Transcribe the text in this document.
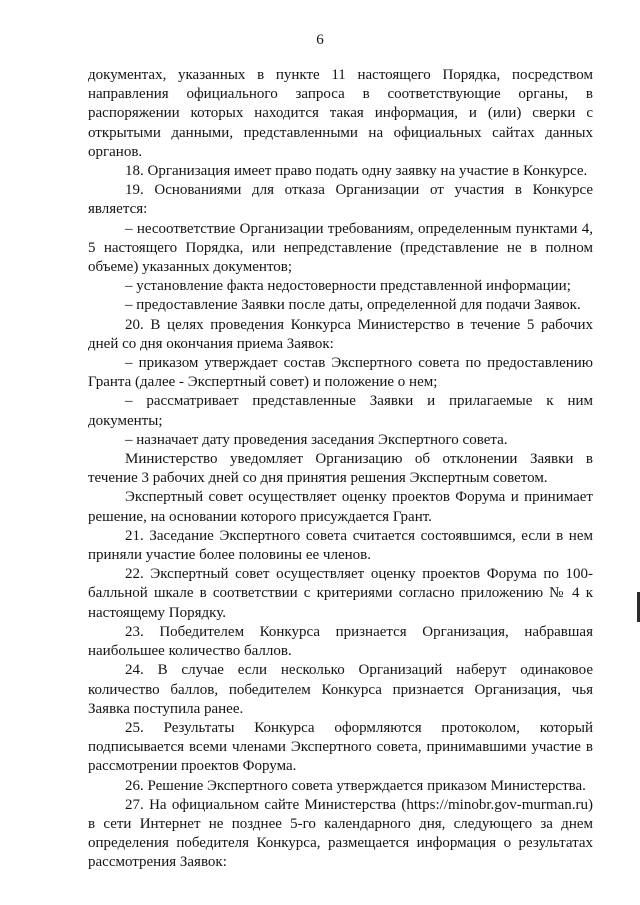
6

документах, указанных в пункте 11 настоящего Порядка, посредством направления официального запроса в соответствующие органы, в распоряжении которых находится такая информация, и (или) сверки с открытыми данными, представленными на официальных сайтах данных органов.

18. Организация имеет право подать одну заявку на участие в Конкурсе.

19. Основаниями для отказа Организации от участия в Конкурсе является:

– несоответствие Организации требованиям, определенным пунктами 4, 5 настоящего Порядка, или непредставление (представление не в полном объеме) указанных документов;

– установление факта недостоверности представленной информации;

– предоставление Заявки после даты, определенной для подачи Заявок.

20. В целях проведения Конкурса Министерство в течение 5 рабочих дней со дня окончания приема Заявок:

– приказом утверждает состав Экспертного совета по предоставлению Гранта (далее - Экспертный совет) и положение о нем;

– рассматривает представленные Заявки и прилагаемые к ним документы;

– назначает дату проведения заседания Экспертного совета.

Министерство уведомляет Организацию об отклонении Заявки в течение 3 рабочих дней со дня принятия решения Экспертным советом.

Экспертный совет осуществляет оценку проектов Форума и принимает решение, на основании которого присуждается Грант.

21. Заседание Экспертного совета считается состоявшимся, если в нем приняли участие более половины ее членов.

22. Экспертный совет осуществляет оценку проектов Форума по 100-балльной шкале в соответствии с критериями согласно приложению № 4 к настоящему Порядку.

23. Победителем Конкурса признается Организация, набравшая наибольшее количество баллов.

24. В случае если несколько Организаций наберут одинаковое количество баллов, победителем Конкурса признается Организация, чья Заявка поступила ранее.

25. Результаты Конкурса оформляются протоколом, который подписывается всеми членами Экспертного совета, принимавшими участие в рассмотрении проектов Форума.

26. Решение Экспертного совета утверждается приказом Министерства.

27. На официальном сайте Министерства (https://minobr.gov-murman.ru) в сети Интернет не позднее 5-го календарного дня, следующего за днем определения победителя Конкурса, размещается информация о результатах рассмотрения Заявок:
